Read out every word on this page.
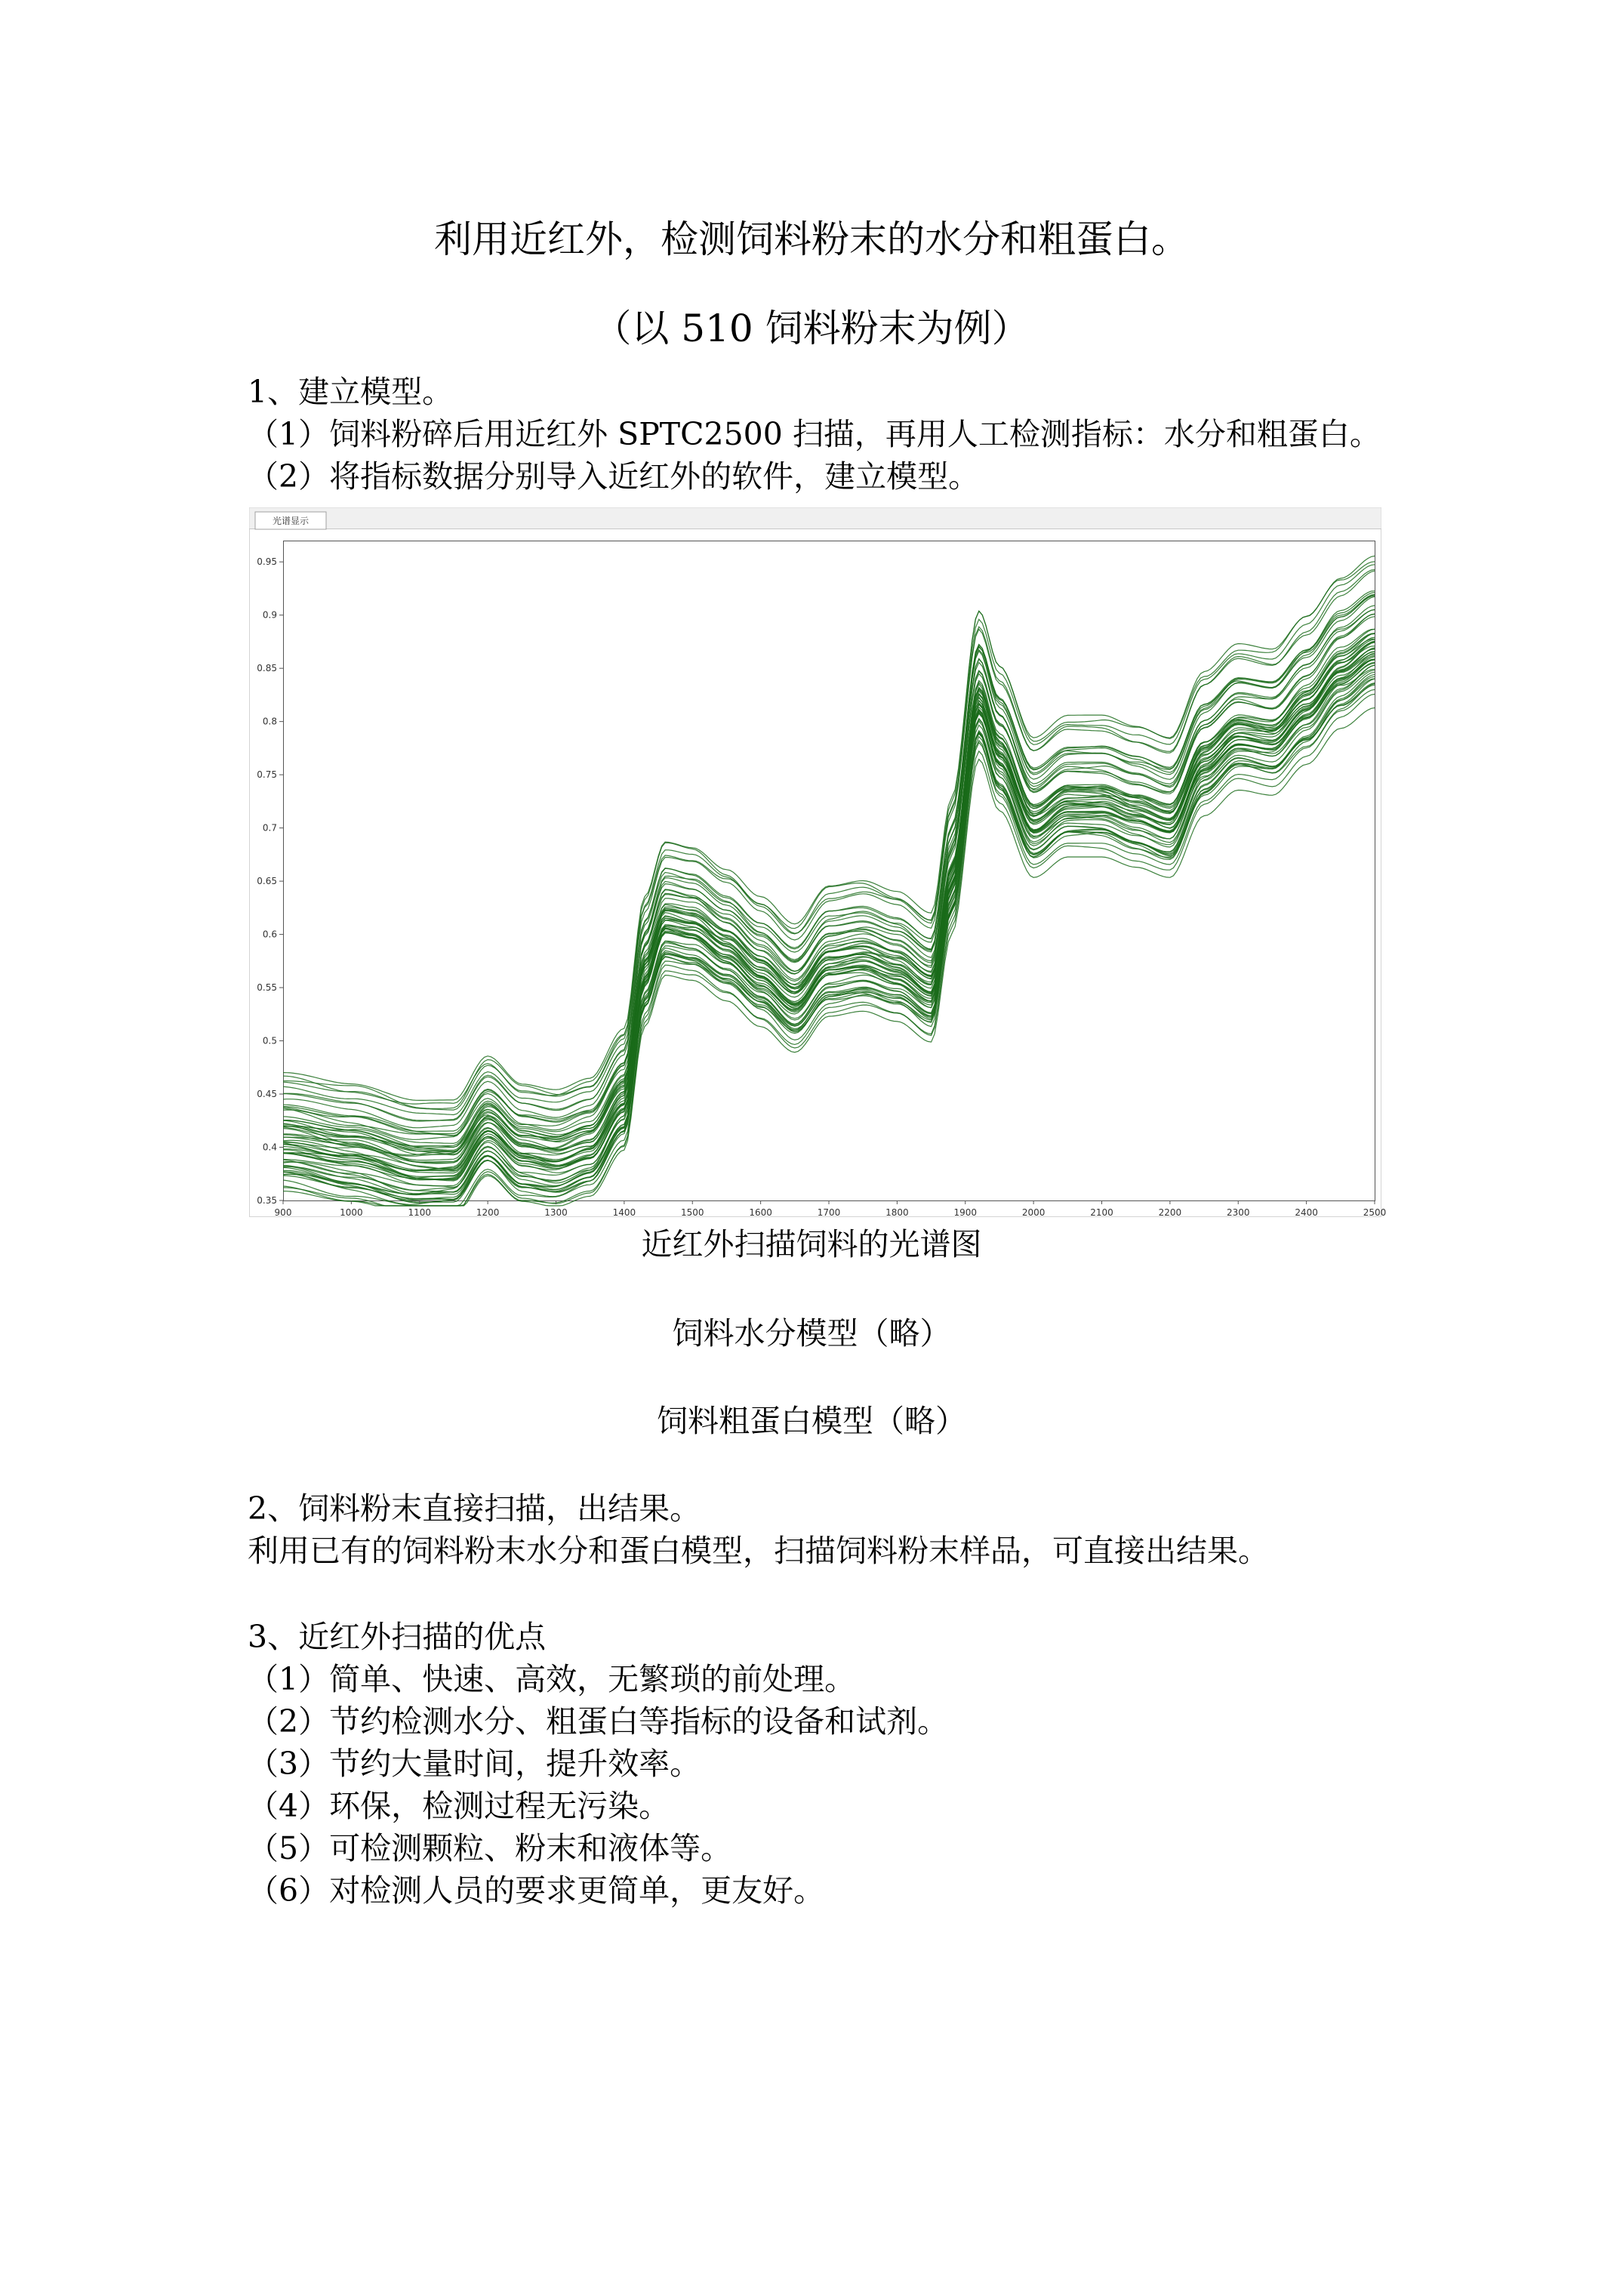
利用近红外，检测饲料粉末的水分和粗蛋白。
（以 510 饲料粉末为例）
1、建立模型。
（1）饲料粉碎后用近红外 SPTC2500 扫描，再用人工检测指标：水分和粗蛋白。
（2）将指标数据分别导入近红外的软件，建立模型。
光谱显示
900	1000	1100	1200	1300	1400	1500	1600	1700	1800	1900	2000	2100	2200	2300	2400	2500
0.35
0.4
0.45
0.5
0.55
0.6
0.65
0.7
0.75
0.8
0.85
0.9
0.95
近红外扫描饲料的光谱图
饲料水分模型（略）
饲料粗蛋白模型（略）
2、饲料粉末直接扫描，出结果。
利用已有的饲料粉末水分和蛋白模型，扫描饲料粉末样品，可直接出结果。
3、近红外扫描的优点
（1）简单、快速、高效，无繁琐的前处理。
（2）节约检测水分、粗蛋白等指标的设备和试剂。
（3）节约大量时间，提升效率。
（4）环保，检测过程无污染。
（5）可检测颗粒、粉末和液体等。
（6）对检测人员的要求更简单，更友好。
